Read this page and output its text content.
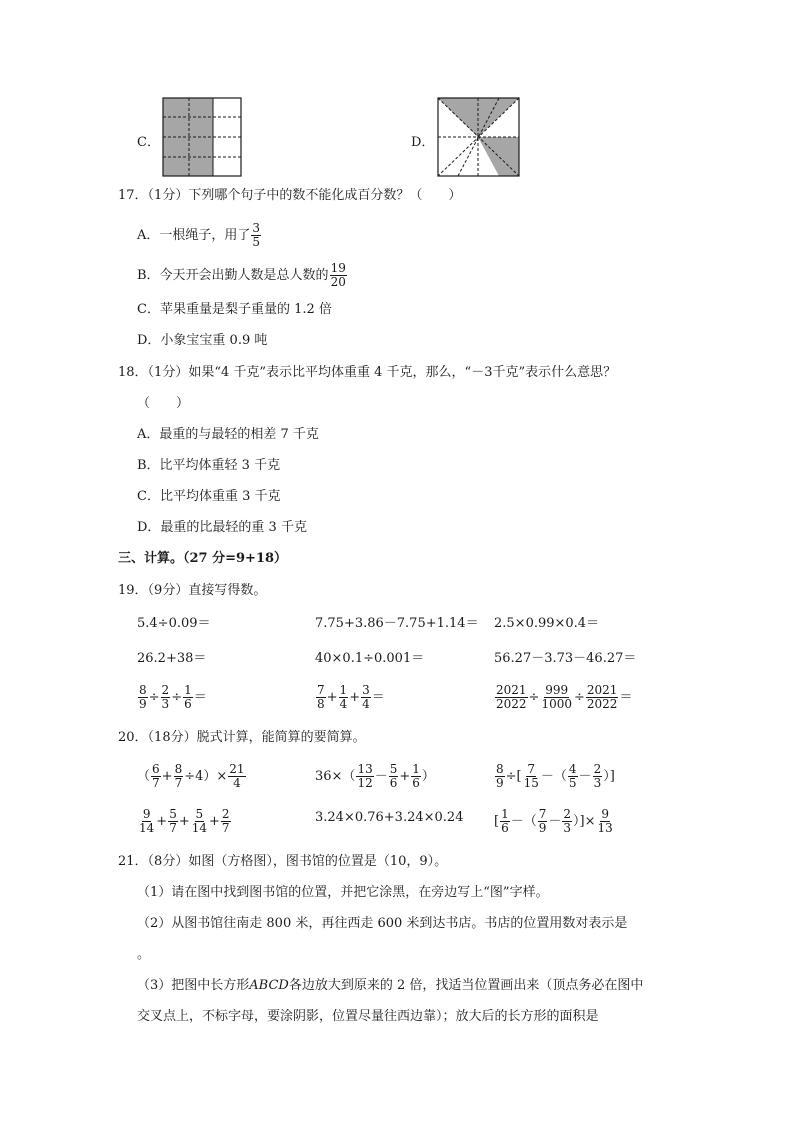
C．	D．
17．（1分）下列哪个句子中的数不能化成百分数？（　　）
A．一根绳子，用了 $\frac{3}{5}$
B．今天开会出勤人数是总人数的 $\frac{19}{20}$
C．苹果重量是梨子重量的 1.2 倍
D．小象宝宝重 0.9 吨
18．（1分）如果“4 千克”表示比平均体重重 4 千克，那么，“－3千克”表示什么意思？
（　　）
A．最重的与最轻的相差 7 千克
B．比平均体重轻 3 千克
C．比平均体重重 3 千克
D．最重的比最轻的重 3 千克
三、计算。（27 分=9+18）
19．（9分）直接写得数。
5.4÷0.09＝	7.75+3.86－7.75+1.14＝ 2.5×0.99×0.4＝
26.2+38＝	40×0.1÷0.001＝	56.27－3.73－46.27＝
$\frac{8}{9} \div \frac{2}{3} \div \frac{1}{6}$ ＝	$\frac{7}{8} + \frac{1}{4} + \frac{3}{4}$ ＝	$\frac{2021}{2022} \div \frac{999}{1000} \div \frac{2021}{2022}$ ＝
20．（18分）脱式计算，能简算的要简算。
（ $\frac{6}{7} + \frac{8}{7} \div 4)\times \frac{21}{4}$	$36\times( \frac{13}{12} - \frac{5}{6} + \frac{1}{6}$ ）	$\frac{8}{9}$ ÷[ $\frac{7}{15}$ －（ $\frac{4}{5} - \frac{2}{3}$ ）]
$\frac{9}{14} + \frac{5}{7} + \frac{5}{14} + \frac{2}{7}$	3.24×0.76+3.24×0.24 [ $\frac{1}{6}$ －（ $\frac{7}{9} - \frac{2}{3}$ ）]× $\frac{9}{13}$
21．（8分）如图（方格图），图书馆的位置是（10，9）。
（1）请在图中找到图书馆的位置，并把它涂黑，在旁边写上“图”字样。
（2）从图书馆往南走 800 米，再往西走 600 米到达书店。书店的位置用数对表示是
。
（3）把图中长方形ABCD各边放大到原来的 2 倍，找适当位置画出来（顶点务必在图中
交叉点上，不标字母，要涂阴影，位置尽量往西边靠）；放大后的长方形的面积是
